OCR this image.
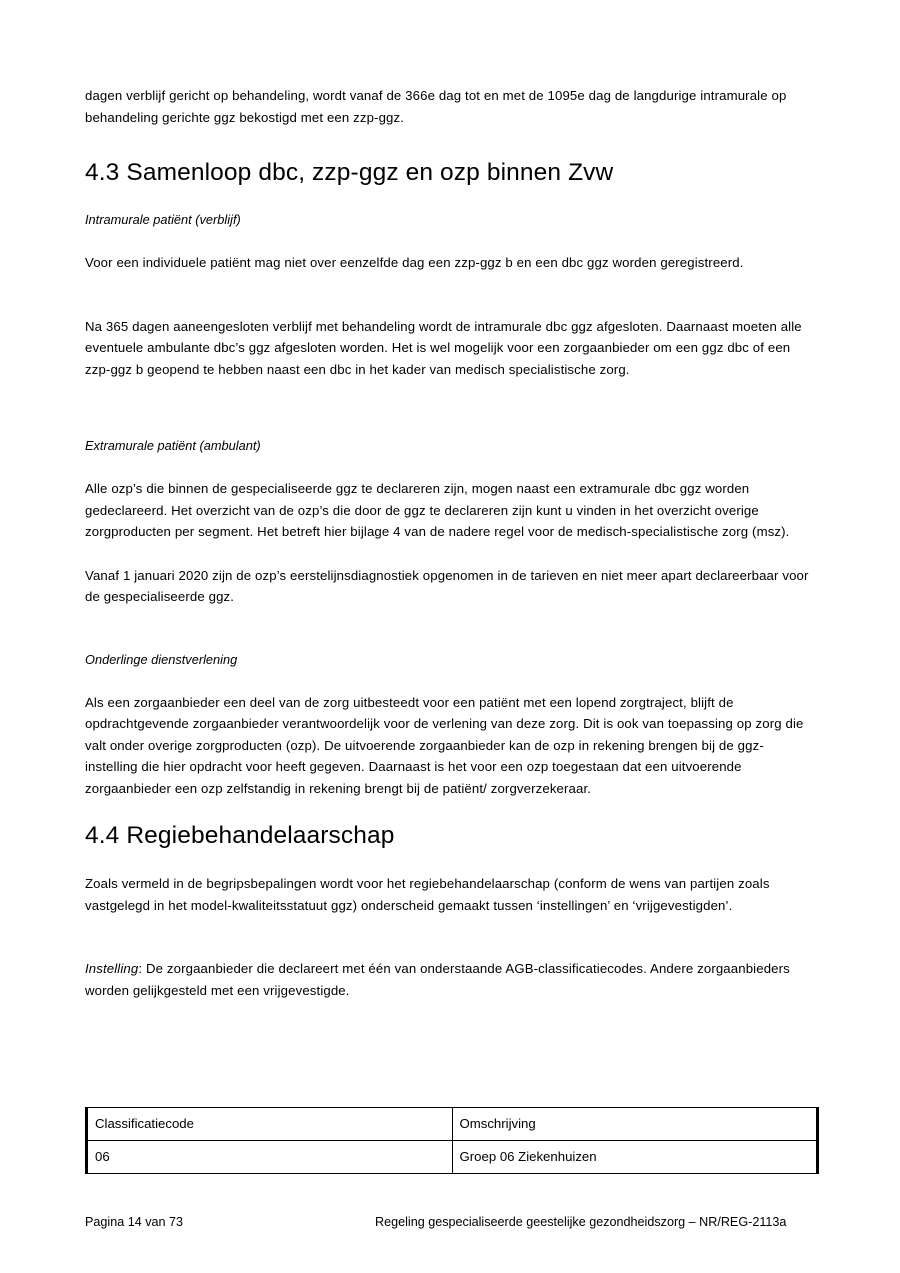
dagen verblijf gericht op behandeling, wordt vanaf de 366e dag tot en met de 1095e dag de langdurige intramurale op behandeling gerichte ggz bekostigd met een zzp-ggz.

4.3 Samenloop dbc, zzp-ggz en ozp binnen Zvw

Intramurale patiënt (verblijf)

Voor een individuele patiënt mag niet over eenzelfde dag een zzp-ggz b en een dbc ggz worden geregistreerd.

Na 365 dagen aaneengesloten verblijf met behandeling wordt de intramurale dbc ggz afgesloten. Daarnaast moeten alle eventuele ambulante dbc’s ggz afgesloten worden. Het is wel mogelijk voor een zorgaanbieder om een ggz dbc of een zzp-ggz b geopend te hebben naast een dbc in het kader van medisch specialistische zorg.

Extramurale patiënt (ambulant)

Alle ozp’s die binnen de gespecialiseerde ggz te declareren zijn, mogen naast een extramurale dbc ggz worden gedeclareerd. Het overzicht van de ozp’s die door de ggz te declareren zijn kunt u vinden in het overzicht overige zorgproducten per segment. Het betreft hier bijlage 4 van de nadere regel voor de medisch-specialistische zorg (msz).

Vanaf 1 januari 2020 zijn de ozp’s eerstelijnsdiagnostiek opgenomen in de tarieven en niet meer apart declareerbaar voor de gespecialiseerde ggz.

Onderlinge dienstverlening

Als een zorgaanbieder een deel van de zorg uitbesteedt voor een patiënt met een lopend zorgtraject, blijft de opdrachtgevende zorgaanbieder verantwoordelijk voor de verlening van deze zorg. Dit is ook van toepassing op zorg die valt onder overige zorgproducten (ozp). De uitvoerende zorgaanbieder kan de ozp in rekening brengen bij de ggz-instelling die hier opdracht voor heeft gegeven. Daarnaast is het voor een ozp toegestaan dat een uitvoerende zorgaanbieder een ozp zelfstandig in rekening brengt bij de patiënt/ zorgverzekeraar.

4.4 Regiebehandelaarschap

Zoals vermeld in de begripsbepalingen wordt voor het regiebehandelaarschap (conform de wens van partijen zoals vastgelegd in het model-kwaliteitsstatuut ggz) onderscheid gemaakt tussen ‘instellingen’ en ‘vrijgevestigden’.

Instelling: De zorgaanbieder die declareert met één van onderstaande AGB-classificatiecodes. Andere zorgaanbieders worden gelijkgesteld met een vrijgevestigde.

Classificatiecode	Omschrijving
06	Groep 06 Ziekenhuizen
Pagina 14 van 73	Regeling gespecialiseerde geestelijke gezondheidszorg – NR/REG-2113a
